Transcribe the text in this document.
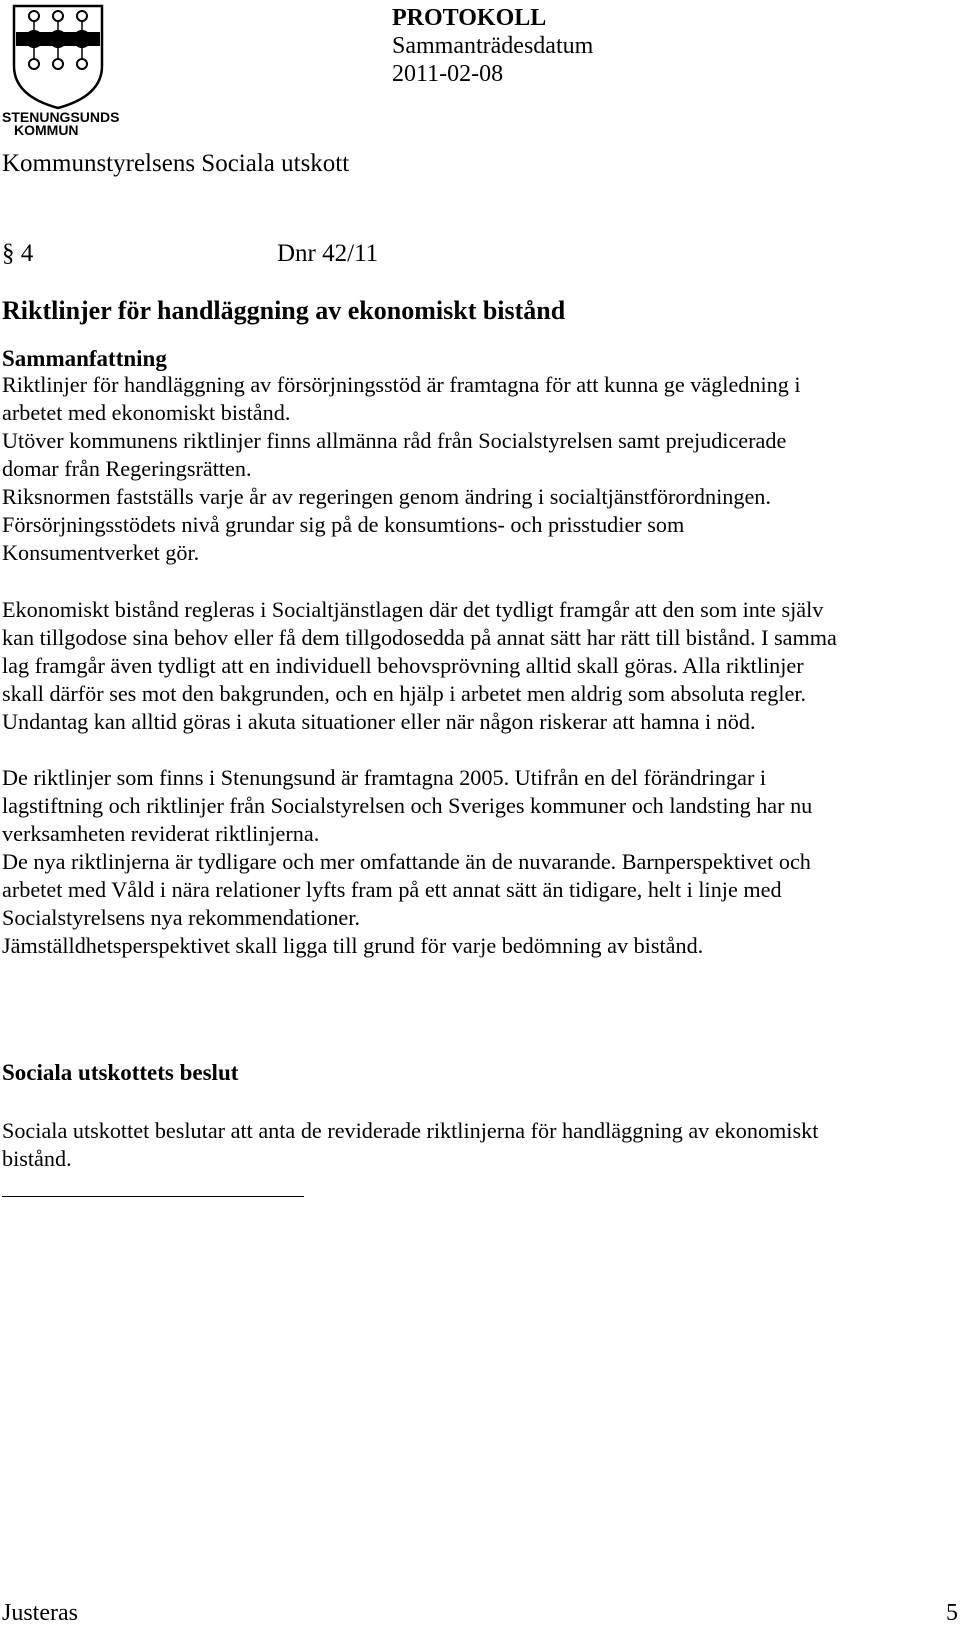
STENUNGSUNDS
KOMMUN
PROTOKOLL
Sammanträdesdatum
2011-02-08
Kommunstyrelsens Sociala utskott
§ 4	Dnr 42/11
Riktlinjer för handläggning av ekonomiskt bistånd
Sammanfattning
Riktlinjer för handläggning av försörjningsstöd är framtagna för att kunna ge vägledning i
arbetet med ekonomiskt bistånd.
Utöver kommunens riktlinjer finns allmänna råd från Socialstyrelsen samt prejudicerade
domar från Regeringsrätten.
Riksnormen fastställs varje år av regeringen genom ändring i socialtjänstförordningen.
Försörjningsstödets nivå grundar sig på de konsumtions- och prisstudier som
Konsumentverket gör.
Ekonomiskt bistånd regleras i Socialtjänstlagen där det tydligt framgår att den som inte själv
kan tillgodose sina behov eller få dem tillgodosedda på annat sätt har rätt till bistånd. I samma
lag framgår även tydligt att en individuell behovsprövning alltid skall göras. Alla riktlinjer
skall därför ses mot den bakgrunden, och en hjälp i arbetet men aldrig som absoluta regler.
Undantag kan alltid göras i akuta situationer eller när någon riskerar att hamna i nöd.
De riktlinjer som finns i Stenungsund är framtagna 2005. Utifrån en del förändringar i
lagstiftning och riktlinjer från Socialstyrelsen och Sveriges kommuner och landsting har nu
verksamheten reviderat riktlinjerna.
De nya riktlinjerna är tydligare och mer omfattande än de nuvarande. Barnperspektivet och
arbetet med Våld i nära relationer lyfts fram på ett annat sätt än tidigare, helt i linje med
Socialstyrelsens nya rekommendationer.
Jämställdhetsperspektivet skall ligga till grund för varje bedömning av bistånd.
Sociala utskottets beslut
Sociala utskottet beslutar att anta de reviderade riktlinjerna för handläggning av ekonomiskt
bistånd.
Justeras	5
